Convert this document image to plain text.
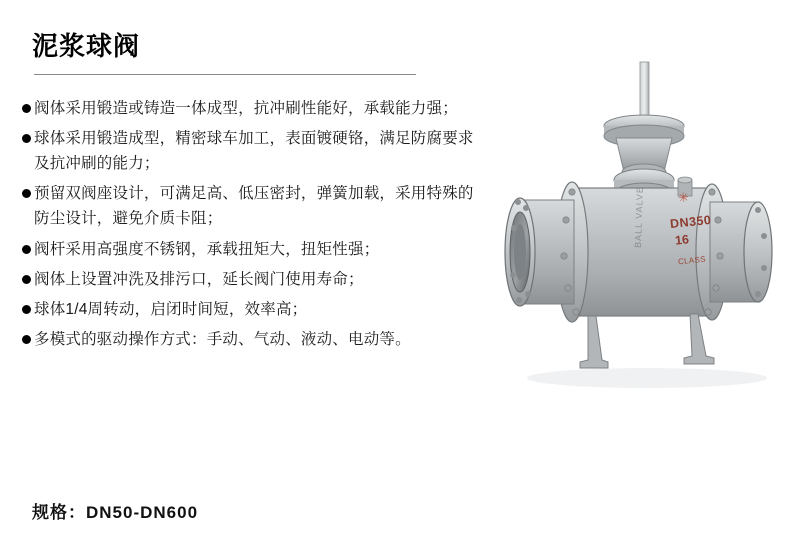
泥浆球阀
阀体采用锻造或铸造一体成型，抗冲刷性能好，承载能力强；
球体采用锻造成型，精密球车加工，表面镀硬铬，满足防腐要求及抗冲刷的能力；
预留双阀座设计，可满足高、低压密封，弹簧加载，采用特殊的防尘设计，避免介质卡阻；
阀杆采用高强度不锈钢，承载扭矩大，扭矩性强；
阀体上设置冲洗及排污口，延长阀门使用寿命；
球体1/4周转动，启闭时间短，效率高；
多模式的驱动操作方式：手动、气动、液动、电动等。
规格：DN50-DN600
✳
DN350
16
CLASS
BALL VALVE
